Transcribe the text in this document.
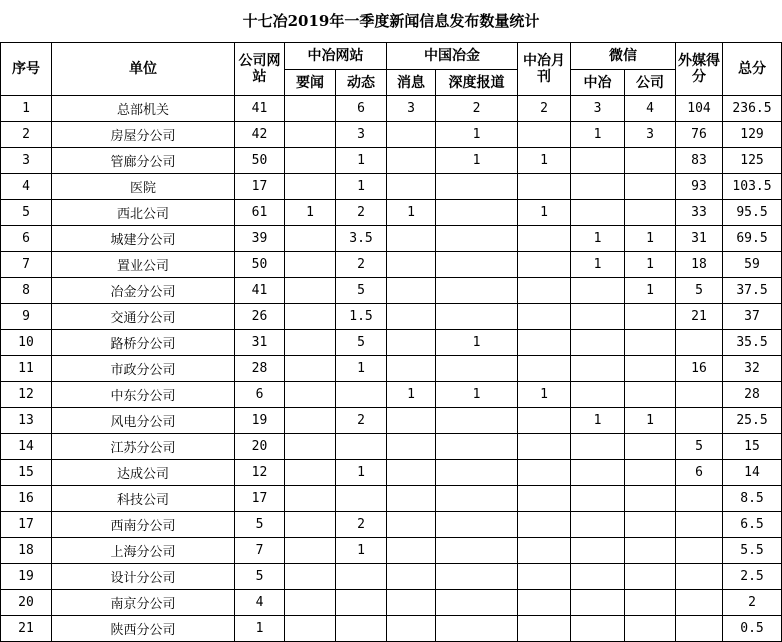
十七冶2019年一季度新闻信息发布数量统计
序号	单位	公司网站	中冶网站		中国冶金		中冶月刊	微信		外媒得分	总分
			要闻	动态	消息	深度报道		中冶	公司		
1	总部机关	41		6	3	2	2	3	4	104	236.5
2	房屋分公司	42		3		1		1	3	76	129
3	管廊分公司	50		1		1	1			83	125
4	医院	17		1						93	103.5
5	西北公司	61	1	2	1		1			33	95.5
6	城建分公司	39		3.5				1	1	31	69.5
7	置业公司	50		2				1	1	18	59
8	冶金分公司	41		5					1	5	37.5
9	交通分公司	26		1.5						21	37
10	路桥分公司	31		5		1					35.5
11	市政分公司	28		1						16	32
12	中东分公司	6			1	1	1				28
13	风电分公司	19		2				1	1		25.5
14	江苏分公司	20								5	15
15	达成公司	12		1						6	14
16	科技公司	17									8.5
17	西南分公司	5		2							6.5
18	上海分公司	7		1							5.5
19	设计分公司	5									2.5
20	南京分公司	4									2
21	陕西分公司	1									0.5
